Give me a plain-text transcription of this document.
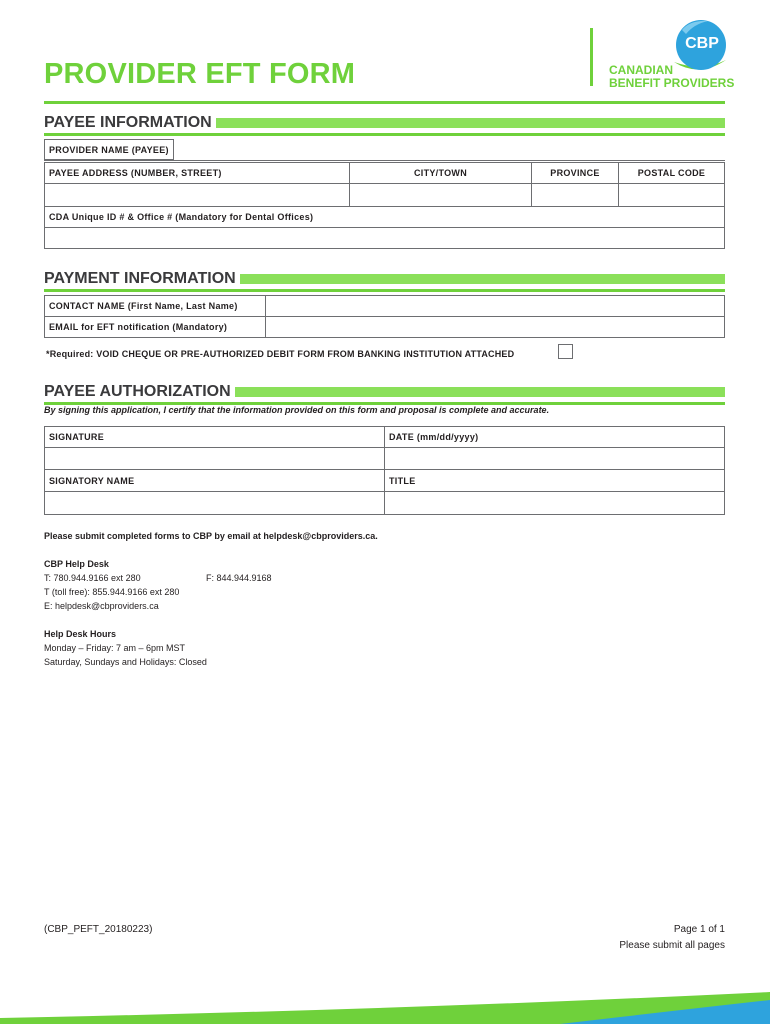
PROVIDER EFT FORM
CBP
CANADIAN
BENEFIT PROVIDERS
PAYEE INFORMATION
PROVIDER NAME (PAYEE)
PAYEE ADDRESS (NUMBER, STREET)	CITY/TOWN	PROVINCE	POSTAL CODE
CDA Unique ID # & Office # (Mandatory for Dental Offices)
PAYMENT INFORMATION
CONTACT NAME (First Name, Last Name)
EMAIL for EFT notification (Mandatory)
*Required: VOID CHEQUE OR PRE-AUTHORIZED DEBIT FORM FROM BANKING INSTITUTION ATTACHED
PAYEE AUTHORIZATION
By signing this application, I certify that the information provided on this form and proposal is complete and accurate.
SIGNATURE	DATE (mm/dd/yyyy)
SIGNATORY NAME	TITLE
Please submit completed forms to CBP by email at helpdesk@cbproviders.ca.
CBP Help Desk
T: 780.944.9166 ext 280	F: 844.944.9168
T (toll free): 855.944.9166 ext 280
E: helpdesk@cbproviders.ca
Help Desk Hours
Monday – Friday: 7 am – 6pm MST
Saturday, Sundays and Holidays: Closed
(CBP_PEFT_20180223)	Page 1 of 1
Please submit all pages
